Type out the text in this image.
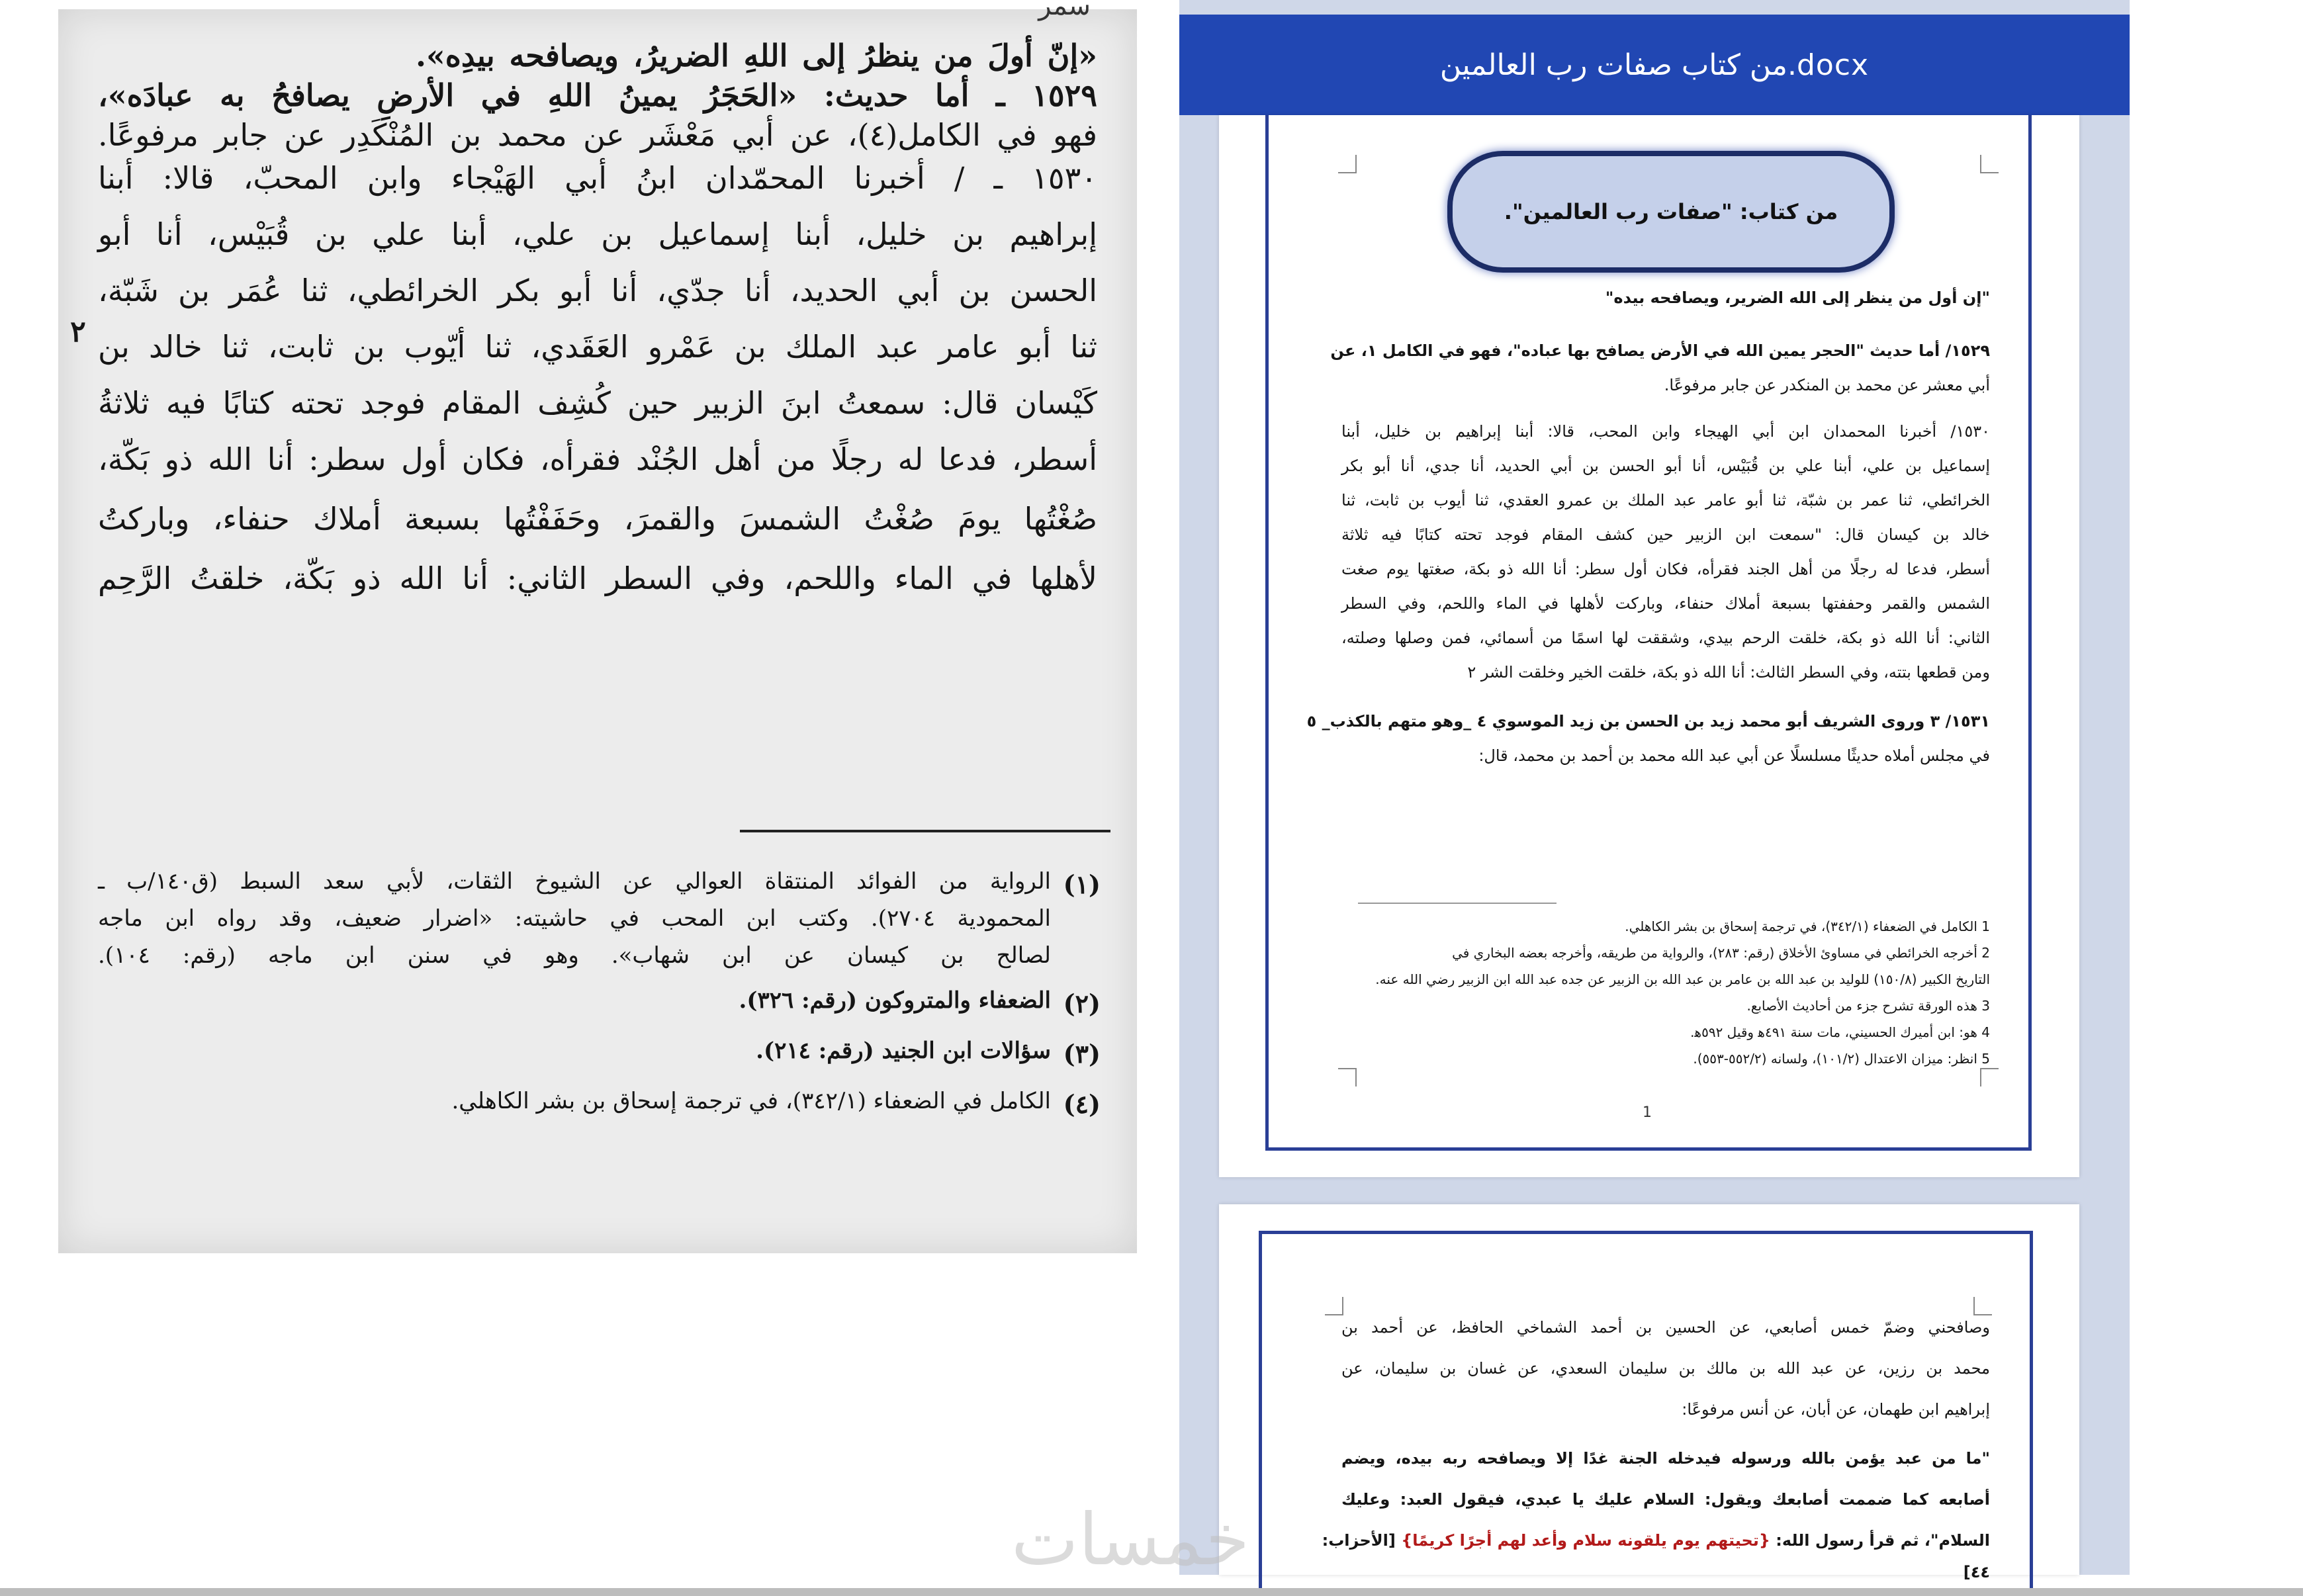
سمر
«إنّ أولَ من ينظرُ إلى اللهِ الضريرُ، ويصافحه بيدِه».
١٥٢٩ ـ أما حديث: «الحَجَرُ يمينُ اللهِ في الأرضِ يصافحُ به عبادَه»،
فهو في الكامل(٤)، عن أبي مَعْشَر عن محمد بن المُنْكَدِر عن جابر مرفوعًا.
١٥٣٠ ـ / أخبرنا المحمّدان ابنُ أبي الهَيْجاء وابن المحبّ، قالا: أبنا
إبراهيم بن خليل، أبنا إسماعيل بن علي، أبنا علي بن قُبَيْس، أنا أبو
الحسن بن أبي الحديد، أنا جدّي، أنا أبو بكر الخرائطي، ثنا عُمَر بن شَبّة،
ثنا أبو عامر عبد الملك بن عَمْرو العَقَدي، ثنا أيّوب بن ثابت، ثنا خالد بن
كَيْسان قال: سمعتُ ابنَ الزبير حين كُشِف المقام فوجد تحته كتابًا فيه ثلاثةُ
أسطر، فدعا له رجلًا من أهل الجُنْد فقرأه، فكان أول سطر: أنا الله ذو بَكّة،
صُغْتُها يومَ صُغْتُ الشمسَ والقمرَ، وحَفَفْتُها بسبعة أملاك حنفاء، وباركتُ
لأهلها في الماء واللحم، وفي السطر الثاني: أنا الله ذو بَكّة، خلقتُ الرَّحِم
٢
(١)
الرواية من الفوائد المنتقاة العوالي عن الشيوخ الثقات، لأبي سعد السبط (ق١٤٠/ب ـ
المحمودية ٢٧٠٤). وكتب ابن المحب في حاشيته: «اضرار ضعيف، وقد رواه ابن ماجه
لصالح بن كيسان عن ابن شهاب». وهو في سنن ابن ماجه (رقم: ١٠٤).
(٢)
الضعفاء والمتروكون (رقم: ٣٢٦).
(٣)
سؤالات ابن الجنيد (رقم: ٢١٤).
(٤)
الكامل في الضعفاء (٣٤٢/١)، في ترجمة إسحاق بن بشر الكاهلي.
من كتاب صفات رب العالمين.docx
من كتاب: "صفات رب العالمين".
"إن أول من ينظر إلى الله الضرير، ويصافحه بيده"
١٥٢٩/ أما حديث "الحجر يمين الله في الأرض يصافح بها عباده"، فهو في الكامل ١، عن
أبي معشر عن محمد بن المنكدر عن جابر مرفوعًا.
١٥٣٠/ أخبرنا المحمدان ابن أبي الهيجاء وابن المحب، قالا: أبنا إبراهيم بن خليل، أبنا
إسماعيل بن علي، أبنا علي بن قُبَيْس، أنا أبو الحسن بن أبي الحديد، أنا جدي، أنا أبو بكر
الخرائطي، ثنا عمر بن شبّة، ثنا أبو عامر عبد الملك بن عمرو العقدي، ثنا أيوب بن ثابت، ثنا
خالد بن كيسان قال: "سمعت ابن الزبير حين كشف المقام فوجد تحته كتابًا فيه ثلاثة
أسطر، فدعا له رجلًا من أهل الجند فقرأه، فكان أول سطر: أنا الله ذو بكة، صغتها يوم صغت
الشمس والقمر وحففتها بسبعة أملاك حنفاء، وباركت لأهلها في الماء واللحم، وفي السطر
الثاني: أنا الله ذو بكة، خلقت الرحم بيدي، وشققت لها اسمًا من أسمائي، فمن وصلها وصلته،
ومن قطعها بتته، وفي السطر الثالث: أنا الله ذو بكة، خلقت الخير وخلقت الشر ٢
١٥٣١/ ٣ وروى الشريف أبو محمد زيد بن الحسن بن زيد الموسوي ٤ _وهو متهم بالكذب_ ٥
في مجلس أملاه حديثًا مسلسلًا عن أبي عبد الله محمد بن أحمد بن محمد، قال:
1 الكامل في الضعفاء (٣٤٢/١)، في ترجمة إسحاق بن بشر الكاهلي.
2 أخرجه الخرائطي في مساوئ الأخلاق (رقم: ٢٨٣)، والرواية من طريقه، وأخرجه بعضه البخاري في
التاريخ الكبير (١٥٠/٨) للوليد بن عبد الله بن عامر بن عبد الله بن الزبير عن جده عبد الله ابن الزبير رضي الله عنه.
3 هذه الورقة تشرح جزء من أحاديث الأصابع.
4 هو: ابن أميرك الحسيني، مات سنة ٤٩١ﻫ وقيل ٥٩٢ﻫ.
5 انظر: ميزان الاعتدال (١٠١/٢)، ولسانه (٥٥٢/٢-٥٥٣).
1
وصافحني وضمّ خمس أصابعي، عن الحسين بن أحمد الشماخي الحافظ، عن أحمد بن
محمد بن رزين، عن عبد الله بن مالك بن سليمان السعدي، عن غسان بن سليمان، عن
إبراهيم ابن طهمان، عن أبان، عن أنس مرفوعًا:
"ما من عبد يؤمن بالله ورسوله فيدخله الجنة غدًا إلا ويصافحه ربه بيده، ويضم
أصابعه كما ضممت أصابعك ويقول: السلام عليك يا عبدي، فيقول العبد: وعليك
السلام"، ثم قرأ رسول الله: {تحيتهم يوم يلقونه سلام وأعد لهم أجرًا كريمًا} [الأحزاب:
٤٤]
خمسات
